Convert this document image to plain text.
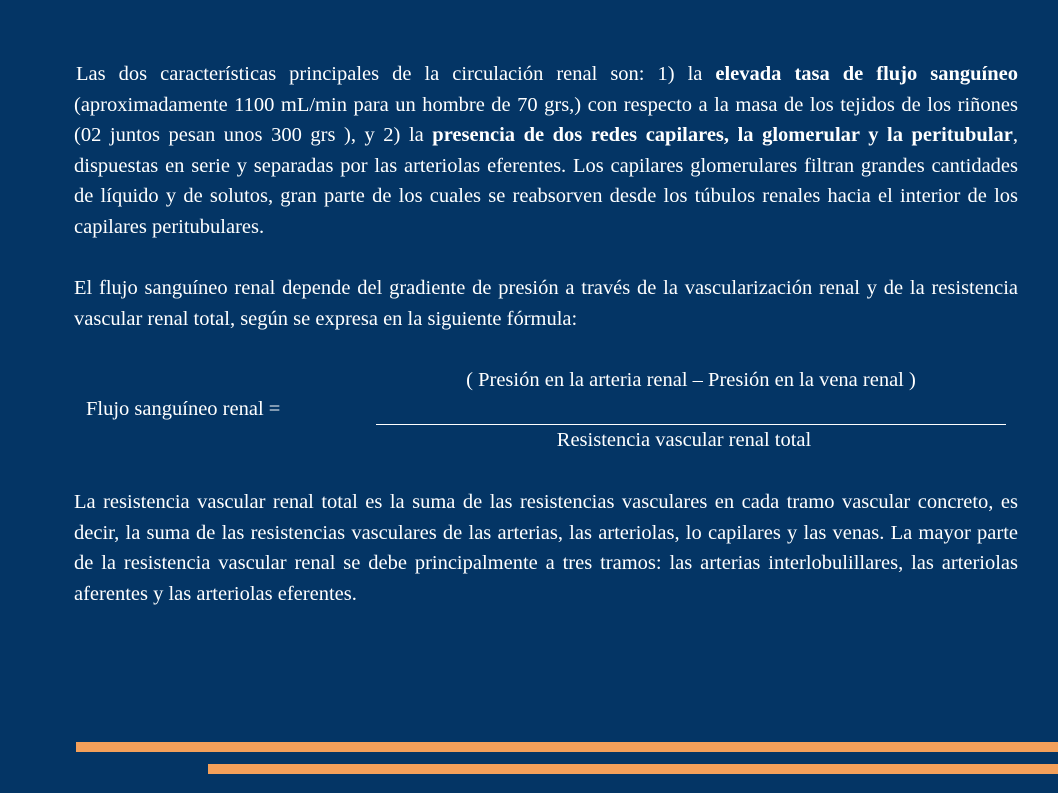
Las dos características principales de la circulación renal son: 1) la elevada tasa de flujo sanguíneo (aproximadamente 1100 mL/min para un hombre de 70 grs,) con respecto a la masa de los tejidos de los riñones (02 juntos pesan unos 300 grs ), y 2) la presencia de dos redes capilares, la glomerular y la peritubular, dispuestas en serie y separadas por las arteriolas eferentes. Los capilares glomerulares filtran grandes cantidades de líquido y de solutos, gran parte de los cuales se reabsorven desde los túbulos renales hacia el interior de los capilares peritubulares.

El flujo sanguíneo renal depende del gradiente de presión a través de la vascularización renal y de la resistencia vascular renal total, según se expresa en la siguiente fórmula:

( Presión en la arteria renal – Presión en la vena renal )
Flujo sanguíneo renal =
Resistencia vascular renal total

La resistencia vascular renal total es la suma de las resistencias vasculares en cada tramo vascular concreto, es decir, la suma de las resistencias vasculares de las arterias, las arteriolas, lo capilares y las venas. La mayor parte de la resistencia vascular renal se debe principalmente a tres tramos: las arterias interlobulillares, las arteriolas aferentes y las arteriolas eferentes.
